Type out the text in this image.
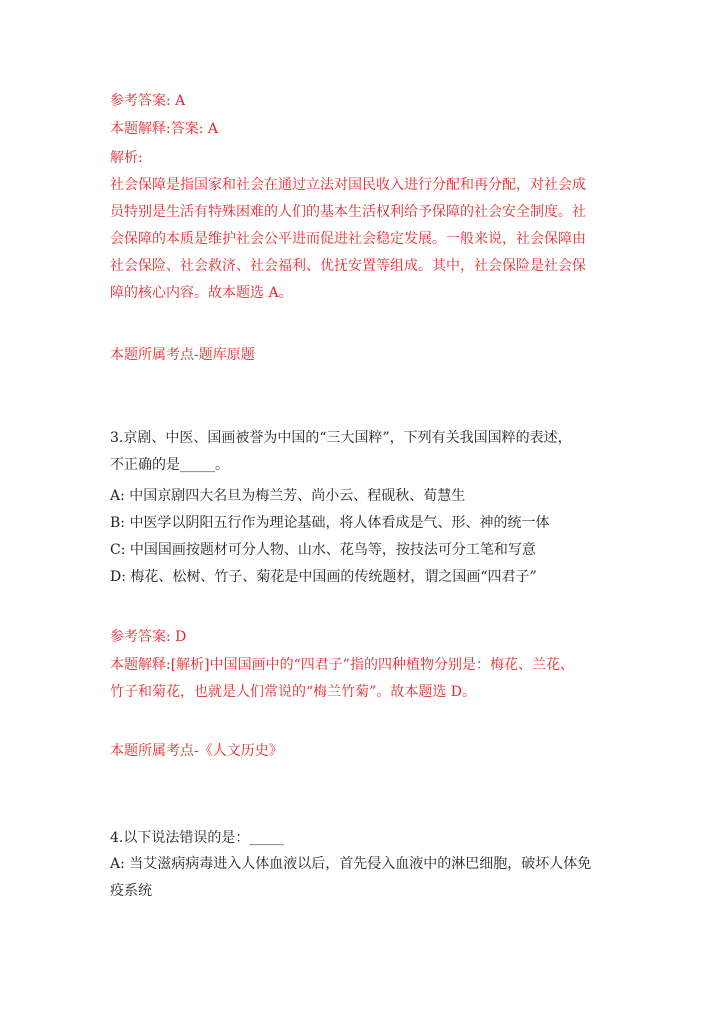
参考答案: A
本题解释:答案: A
解析:
社会保障是指国家和社会在通过立法对国民收入进行分配和再分配，对社会成
员特别是生活有特殊困难的人们的基本生活权利给予保障的社会安全制度。社
会保障的本质是维护社会公平进而促进社会稳定发展。一般来说，社会保障由
社会保险、社会救济、社会福利、优抚安置等组成。其中，社会保险是社会保
障的核心内容。故本题选 A。
本题所属考点-题库原题
3.京剧、中医、国画被誉为中国的“三大国粹”，下列有关我国国粹的表述，
不正确的是_____。
A: 中国京剧四大名旦为梅兰芳、尚小云、程砚秋、荀慧生
B: 中医学以阴阳五行作为理论基础，将人体看成是气、形、神的统一体
C: 中国国画按题材可分人物、山水、花鸟等，按技法可分工笔和写意
D: 梅花、松树、竹子、菊花是中国画的传统题材，谓之国画“四君子”
参考答案: D
本题解释:[解析]中国国画中的“四君子”指的四种植物分别是：梅花、兰花、
竹子和菊花，也就是人们常说的“梅兰竹菊”。故本题选 D。
本题所属考点-《人文历史》
4.以下说法错误的是：_____
A: 当艾滋病病毒进入人体血液以后，首先侵入血液中的淋巴细胞，破坏人体免
疫系统
